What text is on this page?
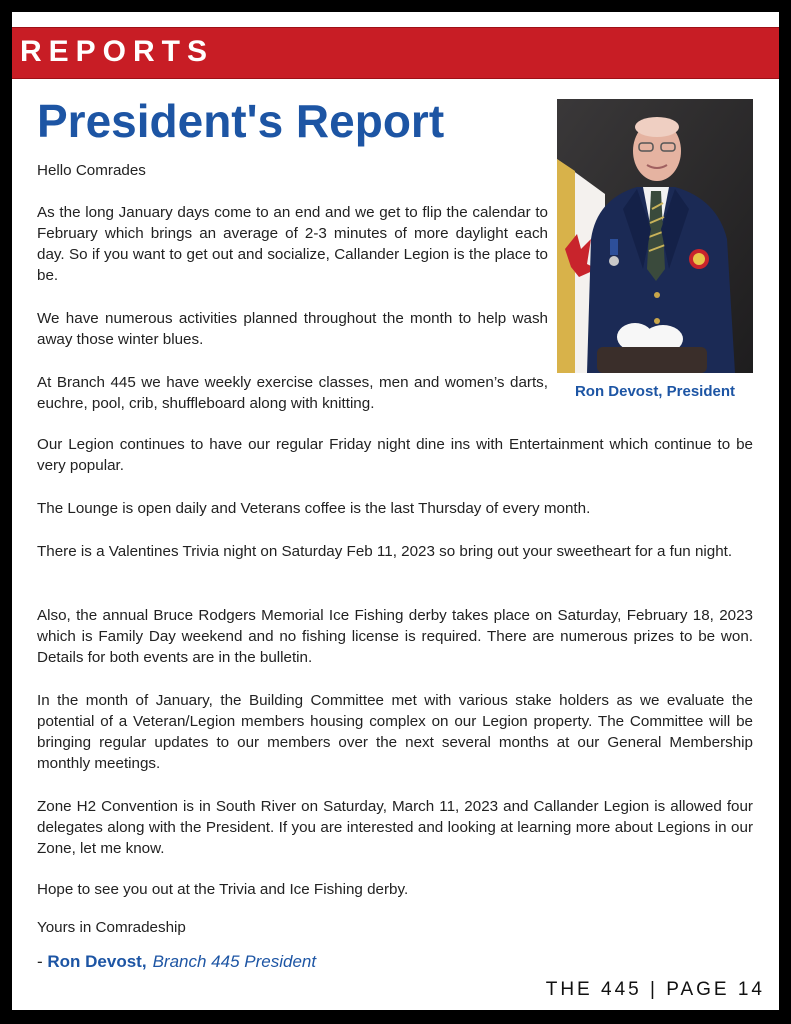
REPORTS
President's Report
Ron Devost, President

Hello Comrades

As the long January days come to an end and we get to flip the calendar to February which brings an average of 2-3 minutes of more daylight each day. So if you want to get out and socialize, Callander Legion is the place to be.

We have numerous activities planned throughout the month to help wash away those winter blues.

At Branch 445 we have weekly exercise classes, men and women’s darts, euchre, pool, crib, shuffleboard along with knitting.

Our Legion continues to have our regular Friday night dine ins with Entertainment which continue to be very popular.

The Lounge is open daily and Veterans coffee is the last Thursday of every month.

There is a Valentines Trivia night on Saturday Feb 11, 2023 so bring out your sweetheart for a fun night.

Also, the annual Bruce Rodgers Memorial Ice Fishing derby takes place on Saturday, February 18, 2023 which is Family Day weekend and no fishing license is required. There are numerous prizes to be won. Details for both events are in the bulletin.

In the month of January, the Building Committee met with various stake holders as we evaluate the potential of a Veteran/Legion members housing complex on our Legion property. The Committee will be bringing regular updates to our members over the next several months at our General Membership monthly meetings.

Zone H2 Convention is in South River on Saturday, March 11, 2023 and Callander Legion is allowed four delegates along with the President. If you are interested and looking at learning more about Legions in our Zone, let me know.

Hope to see you out at the Trivia and Ice Fishing derby.

Yours in Comradeship

- Ron Devost, Branch 445 President
THE 445 | PAGE 14
